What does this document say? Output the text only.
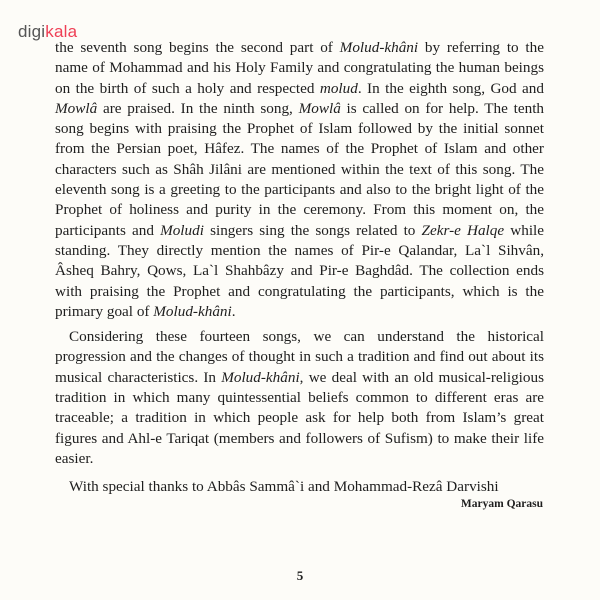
digikala

the seventh song begins the second part of Molud-khâni by referring to the name of Mohammad and his Holy Family and congratulating the human beings on the birth of such a holy and respected molud. In the eighth song, God and Mowlâ are praised. In the ninth song, Mowlâ is called on for help. The tenth song begins with praising the Prophet of Islam followed by the initial sonnet from the Persian poet, Hâfez. The names of the Prophet of Islam and other characters such as Shâh Jilâni are mentioned within the text of this song. The eleventh song is a greeting to the participants and also to the bright light of the Prophet of holiness and purity in the ceremony. From this moment on, the participants and Moludi singers sing the songs related to Zekr-e Halqe while standing. They directly mention the names of Pir-e Qalandar, La`l Sihvân, Âsheq Bahry, Qows, La`l Shahbâzy and Pir-e Baghdâd. The collection ends with praising the Prophet and congratulating the participants, which is the primary goal of Molud-khâni.

Considering these fourteen songs, we can understand the historical progression and the changes of thought in such a tradition and find out about its musical characteristics. In Molud-khâni, we deal with an old musical-religious tradition in which many quintessential beliefs common to different eras are traceable; a tradition in which people ask for help both from Islam’s great figures and Ahl-e Tariqat (members and followers of Sufism) to make their life easier.

With special thanks to Abbâs Sammâ`i and Mohammad-Rezâ Darvishi

Maryam Qarasu

5
